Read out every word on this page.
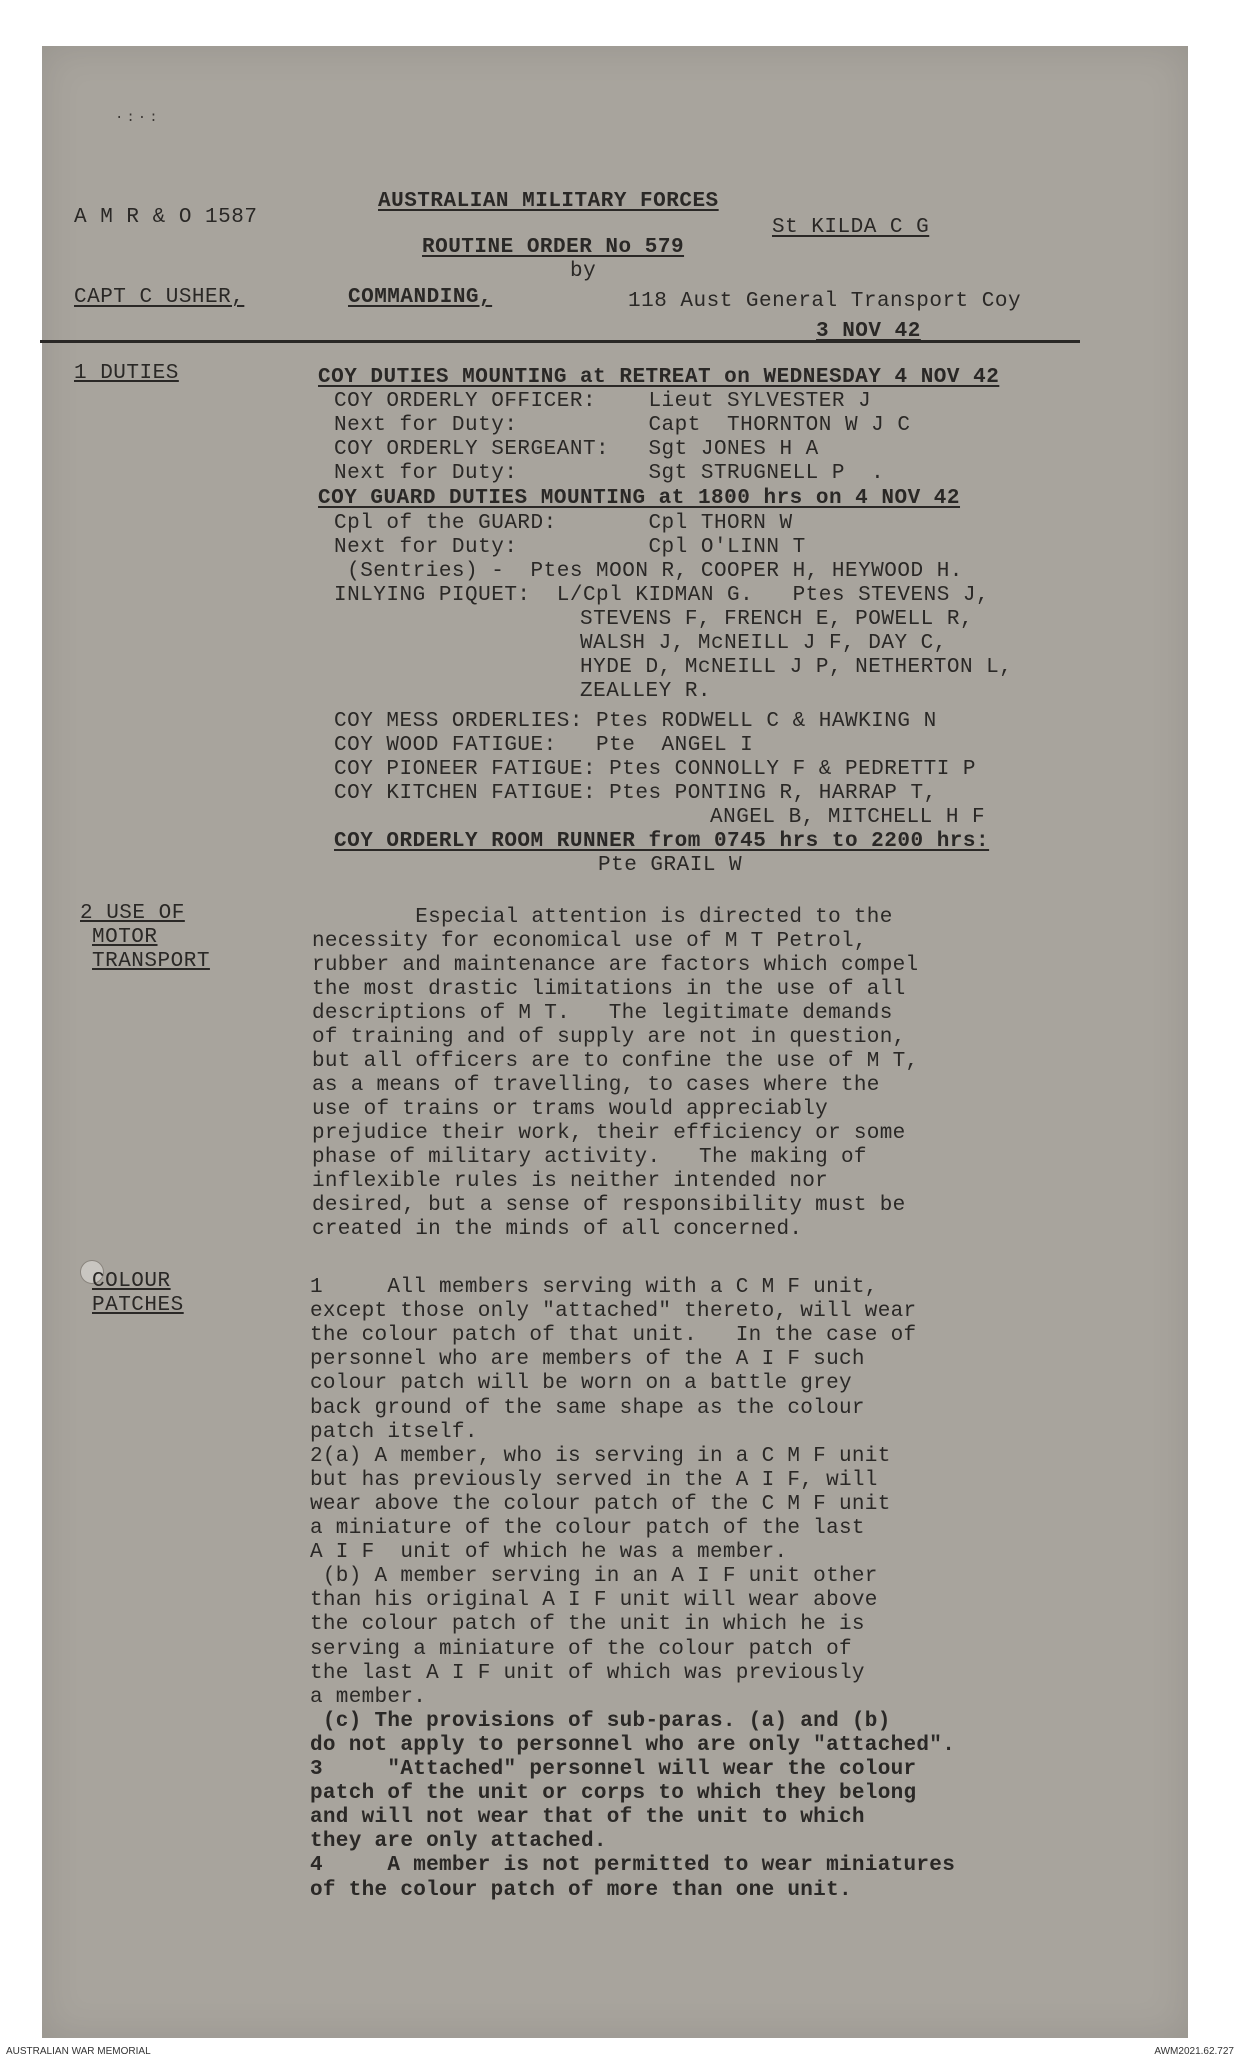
·:·:
A M R & O 1587
AUSTRALIAN MILITARY FORCES
St KILDA C G
ROUTINE ORDER No 579
by
CAPT C USHER,	COMMANDING,	118 Aust General Transport Coy
3 NOV 42
1 DUTIES	COY DUTIES MOUNTING at RETREAT on WEDNESDAY 4 NOV 42
COY ORDERLY OFFICER:    Lieut SYLVESTER J
Next for Duty:          Capt  THORNTON W J C
COY ORDERLY SERGEANT:   Sgt JONES H A
Next for Duty:          Sgt STRUGNELL P  .
COY GUARD DUTIES MOUNTING at 1800 hrs on 4 NOV 42
Cpl of the GUARD:       Cpl THORN W
Next for Duty:          Cpl O'LINN T
(Sentries) -  Ptes MOON R, COOPER H, HEYWOOD H.
INLYING PIQUET:  L/Cpl KIDMAN G.   Ptes STEVENS J,
STEVENS F, FRENCH E, POWELL R,
WALSH J, McNEILL J F, DAY C,
HYDE D, McNEILL J P, NETHERTON L,
ZEALLEY R.
COY MESS ORDERLIES: Ptes RODWELL C & HAWKING N
COY WOOD FATIGUE:   Pte  ANGEL I
COY PIONEER FATIGUE: Ptes CONNOLLY F & PEDRETTI P
COY KITCHEN FATIGUE: Ptes PONTING R, HARRAP T,
ANGEL B, MITCHELL H F
COY ORDERLY ROOM RUNNER from 0745 hrs to 2200 hrs:
Pte GRAIL W
2 USE OF
MOTOR
TRANSPORT
Especial attention is directed to the
necessity for economical use of M T Petrol,
rubber and maintenance are factors which compel
the most drastic limitations in the use of all
descriptions of M T.   The legitimate demands
of training and of supply are not in question,
but all officers are to confine the use of M T,
as a means of travelling, to cases where the
use of trains or trams would appreciably
prejudice their work, their efficiency or some
phase of military activity.   The making of
inflexible rules is neither intended nor
desired, but a sense of responsibility must be
created in the minds of all concerned.
COLOUR
PATCHES
1     All members serving with a C M F unit,
except those only "attached" thereto, will wear
the colour patch of that unit.   In the case of
personnel who are members of the A I F such
colour patch will be worn on a battle grey
back ground of the same shape as the colour
patch itself.
2(a) A member, who is serving in a C M F unit
but has previously served in the A I F, will
wear above the colour patch of the C M F unit
a miniature of the colour patch of the last
A I F  unit of which he was a member.
(b) A member serving in an A I F unit other
than his original A I F unit will wear above
the colour patch of the unit in which he is
serving a miniature of the colour patch of
the last A I F unit of which was previously
a member.
(c) The provisions of sub-paras. (a) and (b)
do not apply to personnel who are only "attached".
3     "Attached" personnel will wear the colour
patch of the unit or corps to which they belong
and will not wear that of the unit to which
they are only attached.
4     A member is not permitted to wear miniatures
of the colour patch of more than one unit.
AUSTRALIAN WAR MEMORIAL	AWM2021.62.727
